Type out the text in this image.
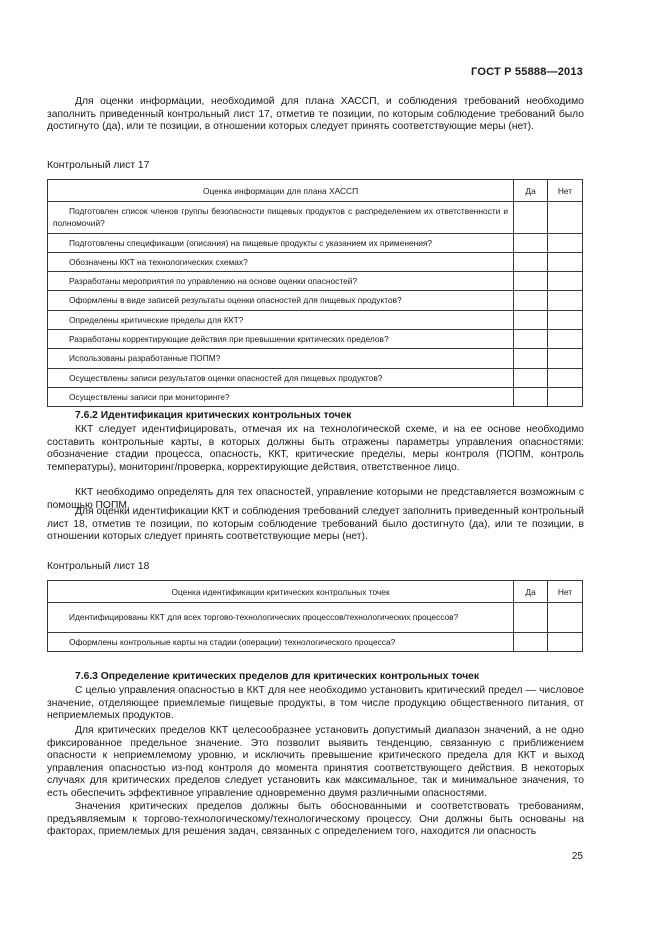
ГОСТ Р 55888—2013

Для оценки информации, необходимой для плана ХАССП, и соблюдения требований необходимо заполнить приведенный контрольный лист 17, отметив те позиции, по которым соблюдение требований было достигнуто (да), или те позиции, в отношении которых следует принять соответствующие меры (нет).

Контрольный лист 17

Оценка информации для плана ХАССП	Да	Нет
Подготовлен список членов группы безопасности пищевых продуктов с распределением их ответственности и полномочий?		
Подготовлены спецификации (описания) на пищевые продукты с указанием их применения?		
Обозначены ККТ на технологических схемах?		
Разработаны мероприятия по управлению на основе оценки опасностей?		
Оформлены в виде записей результаты оценки опасностей для пищевых продуктов?		
Определены критические пределы для ККТ?		
Разработаны корректирующие действия при превышении критических пределов?		
Использованы разработанные ПОПМ?		
Осуществлены записи результатов оценки опасностей для пищевых продуктов?		
Осуществлены записи при мониторинге?		

7.6.2 Идентификация критических контрольных точек

ККТ следует идентифицировать, отмечая их на технологической схеме, и на ее основе необходимо составить контрольные карты, в которых должны быть отражены параметры управления опасностями: обозначение стадии процесса, опасность, ККТ, критические пределы, меры контроля (ПОПМ, контроль температуры), мониторинг/проверка, корректирующие действия, ответственное лицо.

ККТ необходимо определять для тех опасностей, управление которыми не представляется возможным с помощью ПОПМ.

Для оценки идентификации ККТ и соблюдения требований следует заполнить приведенный контрольный лист 18, отметив те позиции, по которым соблюдение требований было достигнуто (да), или те позиции, в отношении которых следует принять соответствующие меры (нет).

Контрольный лист 18

Оценка идентификации критических контрольных точек	Да	Нет
Идентифицированы ККТ для всех торгово-технологических процессов/технологических процессов?		
Оформлены контрольные карты на стадии (операции) технологического процесса?		

7.6.3 Определение критических пределов для критических контрольных точек

С целью управления опасностью в ККТ для нее необходимо установить критический предел — числовое значение, отделяющее приемлемые пищевые продукты, в том числе продукцию общественного питания, от неприемлемых продуктов.

Для критических пределов ККТ целесообразнее установить допустимый диапазон значений, а не одно фиксированное предельное значение. Это позволит выявить тенденцию, связанную с приближением опасности к неприемлемому уровню, и исключить превышение критического предела для ККТ и выход управления опасностью из-под контроля до момента принятия соответствующего действия. В некоторых случаях для критических пределов следует установить как максимальное, так и минимальное значения, то есть обеспечить эффективное управление одновременно двумя различными опасностями.

Значения критических пределов должны быть обоснованными и соответствовать требованиям, предъявляемым к торгово-технологическому/технологическому процессу. Они должны быть основаны на факторах, приемлемых для решения задач, связанных с определением того, находится ли опасность

25
